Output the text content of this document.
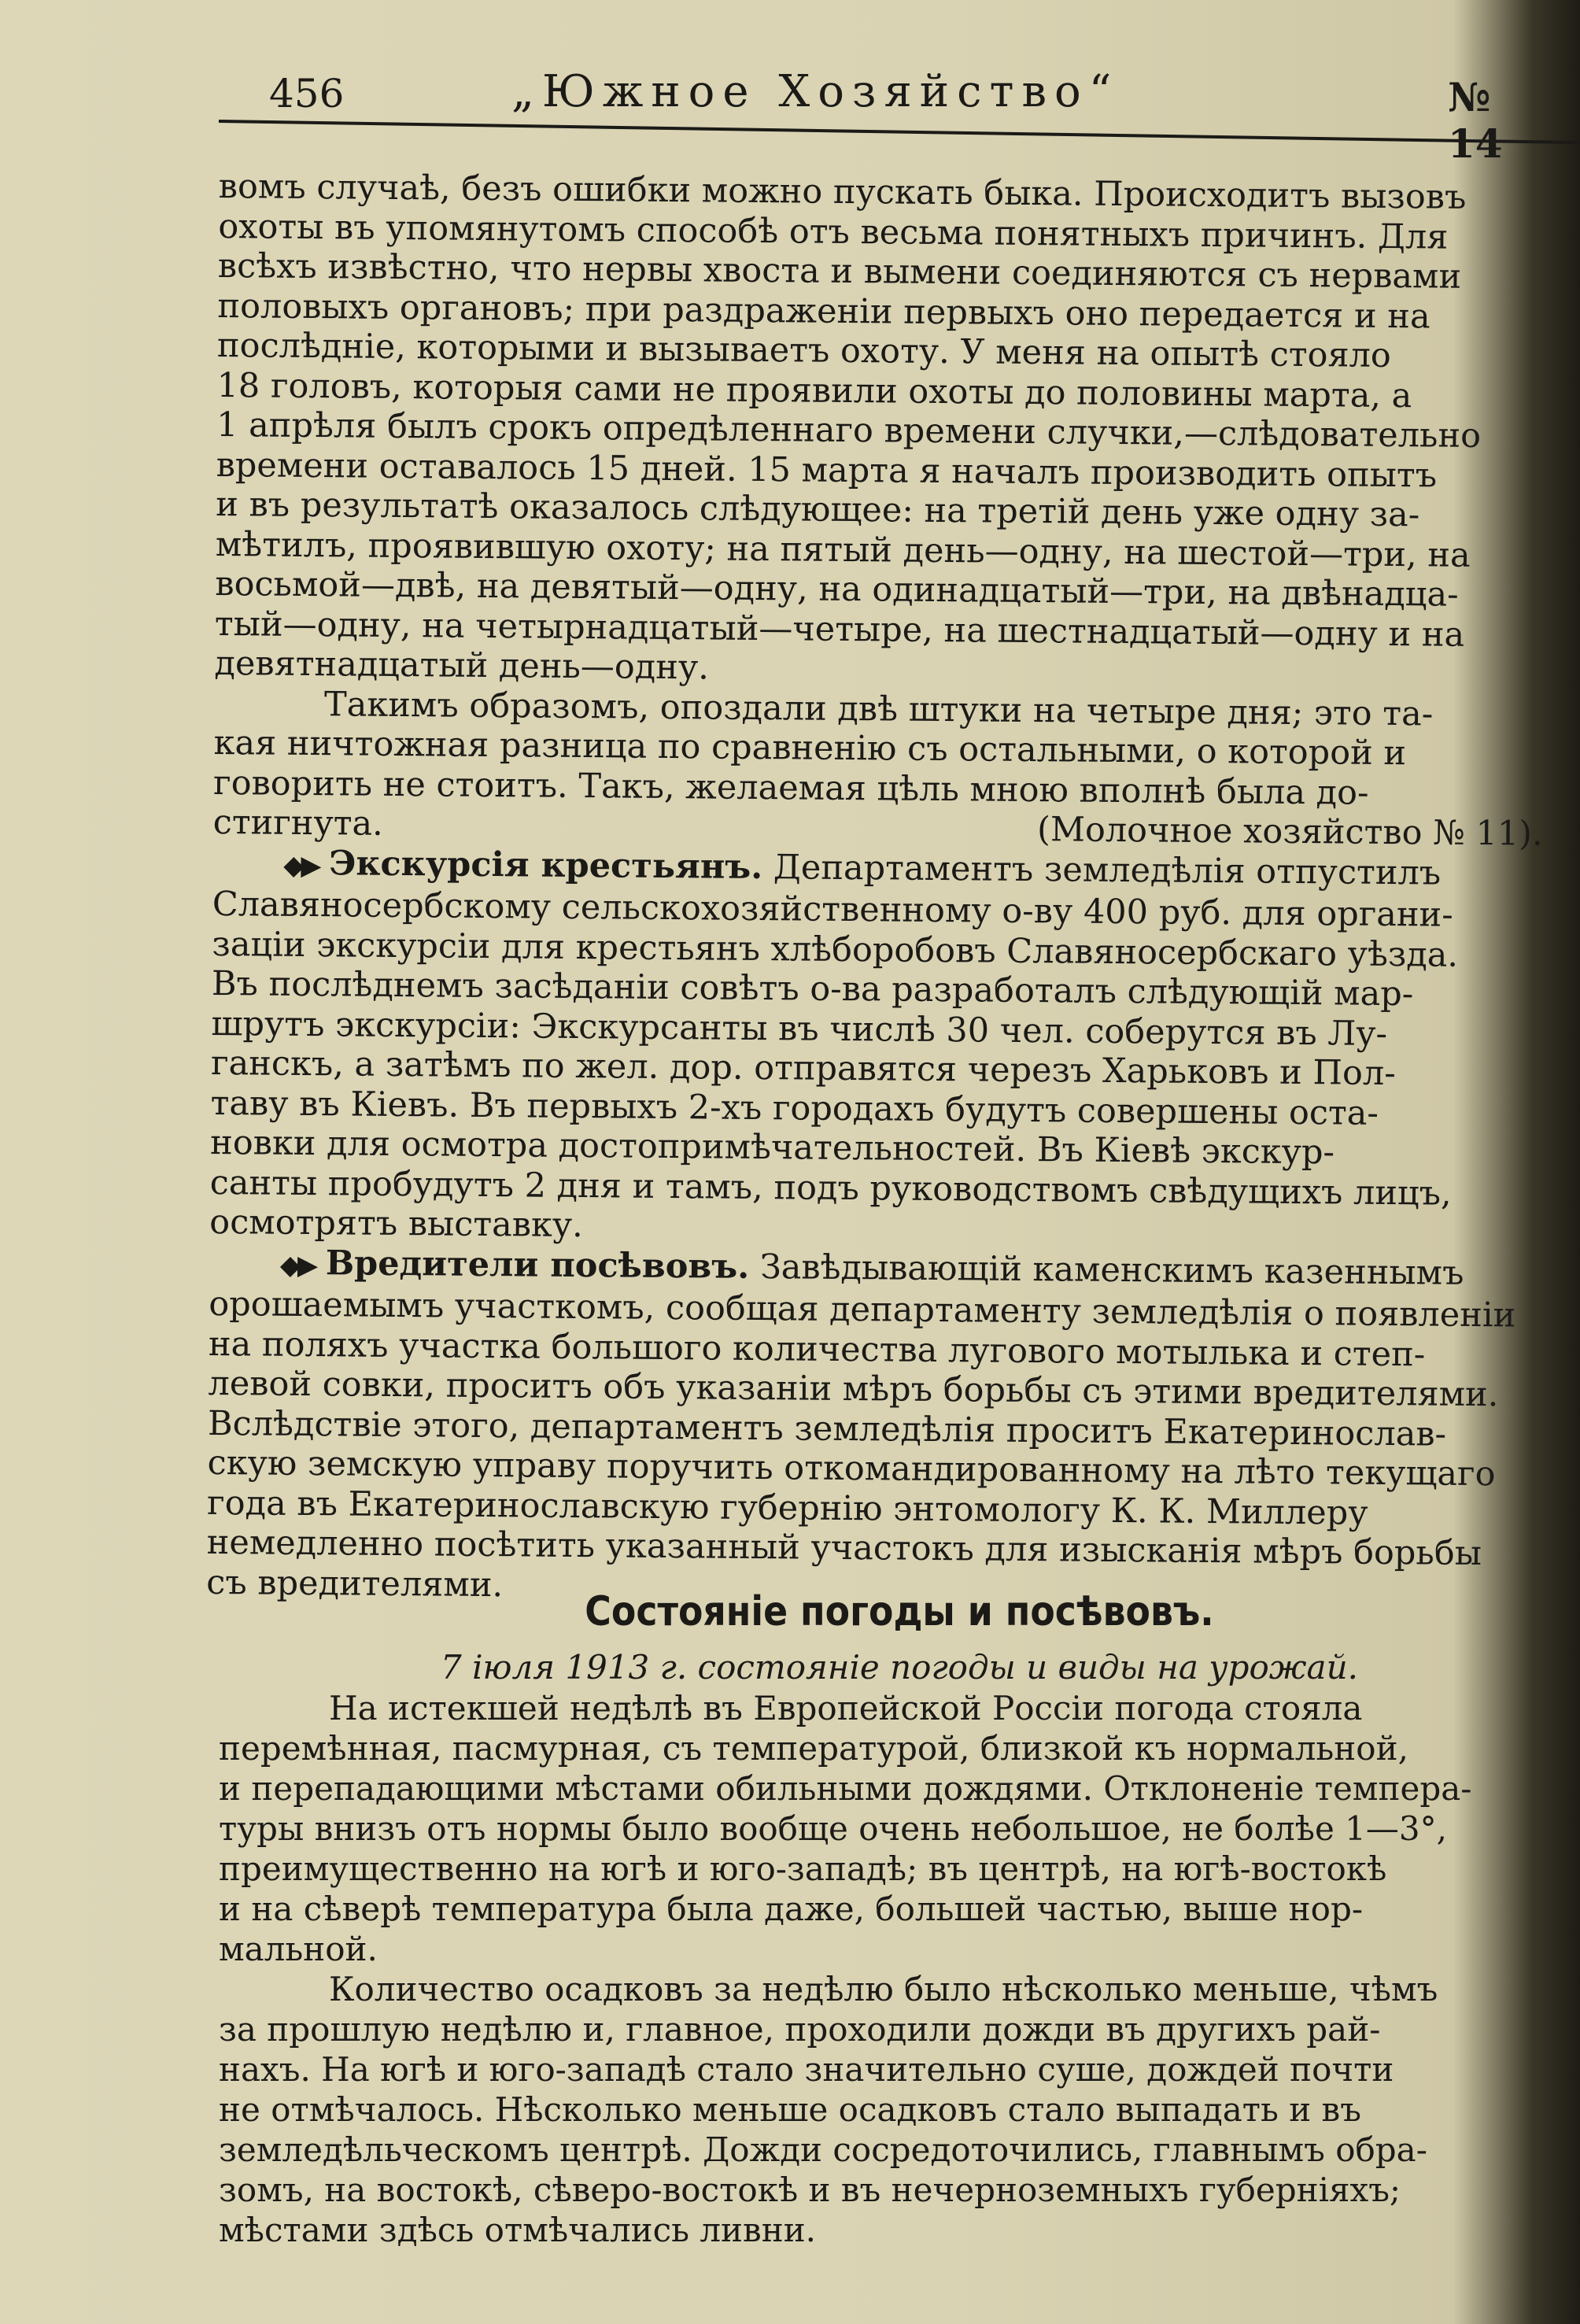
456	„Южное Хозяйство“	№ 14

вомъ случаѣ, безъ ошибки можно пускать быка. Происходитъ вызовъ

охоты въ упомянутомъ способѣ отъ весьма понятныхъ причинъ. Для

всѣхъ извѣстно, что нервы хвоста и вымени соединяются съ нервами

половыхъ органовъ; при раздраженіи первыхъ оно передается и на

послѣдніе, которыми и вызываетъ охоту. У меня на опытѣ стояло

18 головъ, которыя сами не проявили охоты до половины марта, а

1 апрѣля былъ срокъ опредѣленнаго времени случки,—слѣдовательно

времени оставалось 15 дней. 15 марта я началъ производить опытъ

и въ результатѣ оказалось слѣдующее: на третій день уже одну за-

мѣтилъ, проявившую охоту; на пятый день—одну, на шестой—три, на

восьмой—двѣ, на девятый—одну, на одинадцатый—три, на двѣнадца-

тый—одну, на четырнадцатый—четыре, на шестнадцатый—одну и на

девятнадцатый день—одну.

Такимъ образомъ, опоздали двѣ штуки на четыре дня; это та-

кая ничтожная разница по сравненію съ остальными, о которой и

говорить не стоитъ. Такъ, желаемая цѣль мною вполнѣ была до-

стигнута.	(Молочное хозяйство № 11).

◆▶ Экскурсія крестьянъ. Департаментъ земледѣлія отпустилъ

Славяносербскому сельскохозяйственному о-ву 400 руб. для органи-

заціи экскурсіи для крестьянъ хлѣборобовъ Славяносербскаго уѣзда.

Въ послѣднемъ засѣданіи совѣтъ о-ва разработалъ слѣдующій мар-

шрутъ экскурсіи: Экскурсанты въ числѣ 30 чел. соберутся въ Лу-

ганскъ, а затѣмъ по жел. дор. отправятся черезъ Харьковъ и Пол-

таву въ Кіевъ. Въ первыхъ 2-хъ городахъ будутъ совершены оста-

новки для осмотра достопримѣчательностей. Въ Кіевѣ экскур-

санты пробудутъ 2 дня и тамъ, подъ руководствомъ свѣдущихъ лицъ,

осмотрятъ выставку.

◆▶ Вредители посѣвовъ. Завѣдывающій каменскимъ казеннымъ

орошаемымъ участкомъ, сообщая департаменту земледѣлія о появленіи

на поляхъ участка большого количества лугового мотылька и степ-

левой совки, проситъ объ указаніи мѣръ борьбы съ этими вредителями.

Вслѣдствіе этого, департаментъ земледѣлія проситъ Екатеринослав-

скую земскую управу поручить откомандированному на лѣто текущаго

года въ Екатеринославскую губернію энтомологу К. К. Миллеру

немедленно посѣтить указанный участокъ для изысканія мѣръ борьбы

съ вредителями.

Состояніе погоды и посѣвовъ.
7 іюля 1913 г. состояніе погоды и виды на урожай.

На истекшей недѣлѣ въ Европейской Россіи погода стояла

перемѣнная, пасмурная, съ температурой, близкой къ нормальной,

и перепадающими мѣстами обильными дождями. Отклоненіе темпера-

туры внизъ отъ нормы было вообще очень небольшое, не болѣе 1—3°,

преимущественно на югѣ и юго-западѣ; въ центрѣ, на югѣ-востокѣ

и на сѣверѣ температура была даже, большей частью, выше нор-

мальной.

Количество осадковъ за недѣлю было нѣсколько меньше, чѣмъ

за прошлую недѣлю и, главное, проходили дожди въ другихъ рай-

нахъ. На югѣ и юго-западѣ стало значительно суше, дождей почти

не отмѣчалось. Нѣсколько меньше осадковъ стало выпадать и въ

земледѣльческомъ центрѣ. Дожди сосредоточились, главнымъ обра-

зомъ, на востокѣ, сѣверо-востокѣ и въ нечерноземныхъ губерніяхъ;

мѣстами здѣсь отмѣчались ливни.
